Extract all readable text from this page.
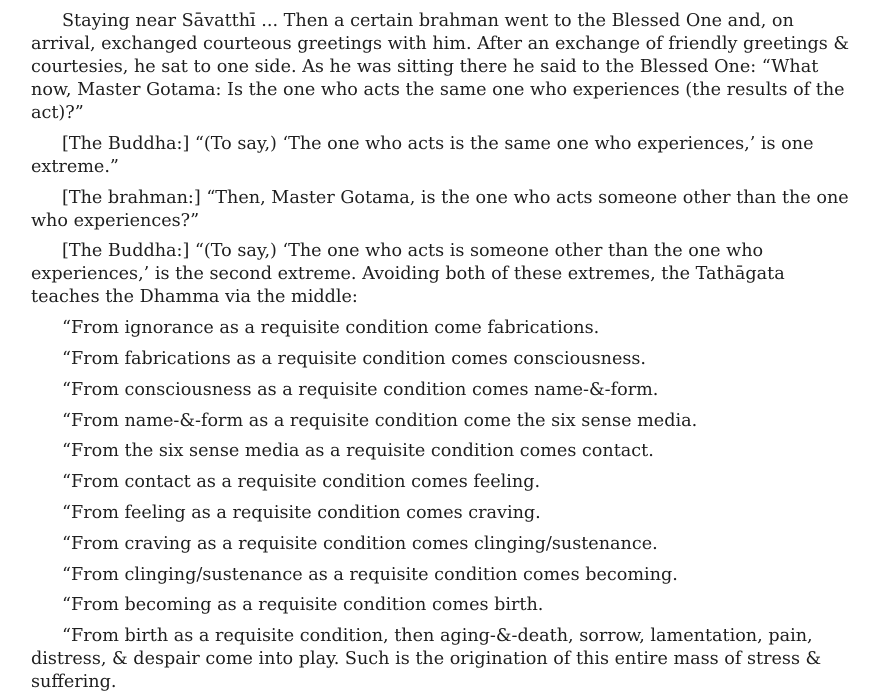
Staying near Sāvatthī ... Then a certain brahman went to the Blessed One and, on arrival, exchanged courteous greetings with him. After an exchange of friendly greetings & courtesies, he sat to one side. As he was sitting there he said to the Blessed One: “What now, Master Gotama: Is the one who acts the same one who experiences (the results of the act)?”

[The Buddha:] “(To say,) ‘The one who acts is the same one who experiences,’ is one extreme.”

[The brahman:] “Then, Master Gotama, is the one who acts someone other than the one who experiences?”

[The Buddha:] “(To say,) ‘The one who acts is someone other than the one who experiences,’ is the second extreme. Avoiding both of these extremes, the Tathāgata teaches the Dhamma via the middle:

“From ignorance as a requisite condition come fabrications.

“From fabrications as a requisite condition comes consciousness.

“From consciousness as a requisite condition comes name-&-form.

“From name-&-form as a requisite condition come the six sense media.

“From the six sense media as a requisite condition comes contact.

“From contact as a requisite condition comes feeling.

“From feeling as a requisite condition comes craving.

“From craving as a requisite condition comes clinging/sustenance.

“From clinging/sustenance as a requisite condition comes becoming.

“From becoming as a requisite condition comes birth.

“From birth as a requisite condition, then aging-&-death, sorrow, lamentation, pain, distress, & despair come into play. Such is the origination of this entire mass of stress & suffering.
